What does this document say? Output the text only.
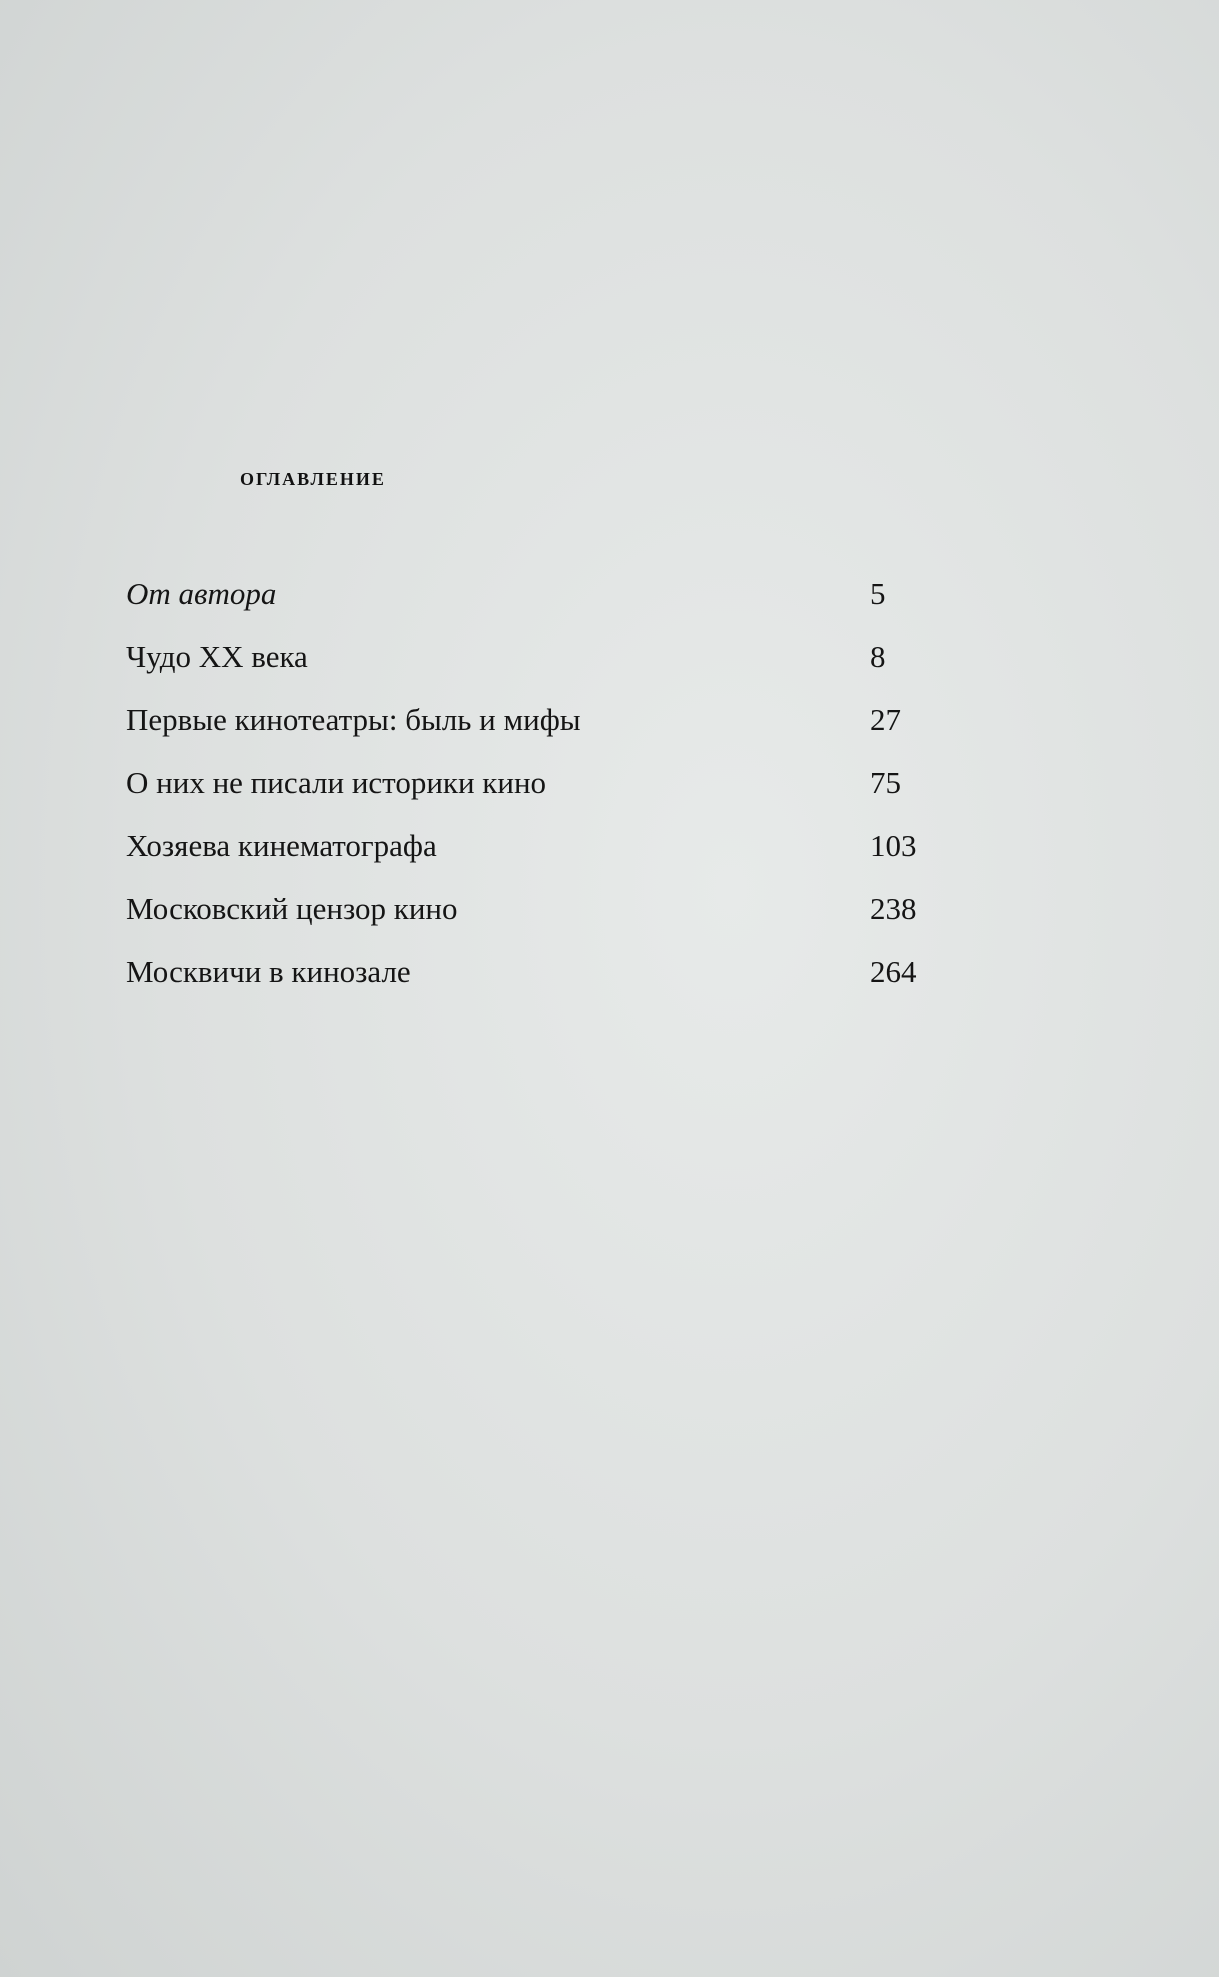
оглавление
От автора	5
Чудо XX века	8
Первые кинотеатры: быль и мифы	27
О них не писали историки кино	75
Хозяева кинематографа	103
Московский цензор кино	238
Москвичи в кинозале	264
